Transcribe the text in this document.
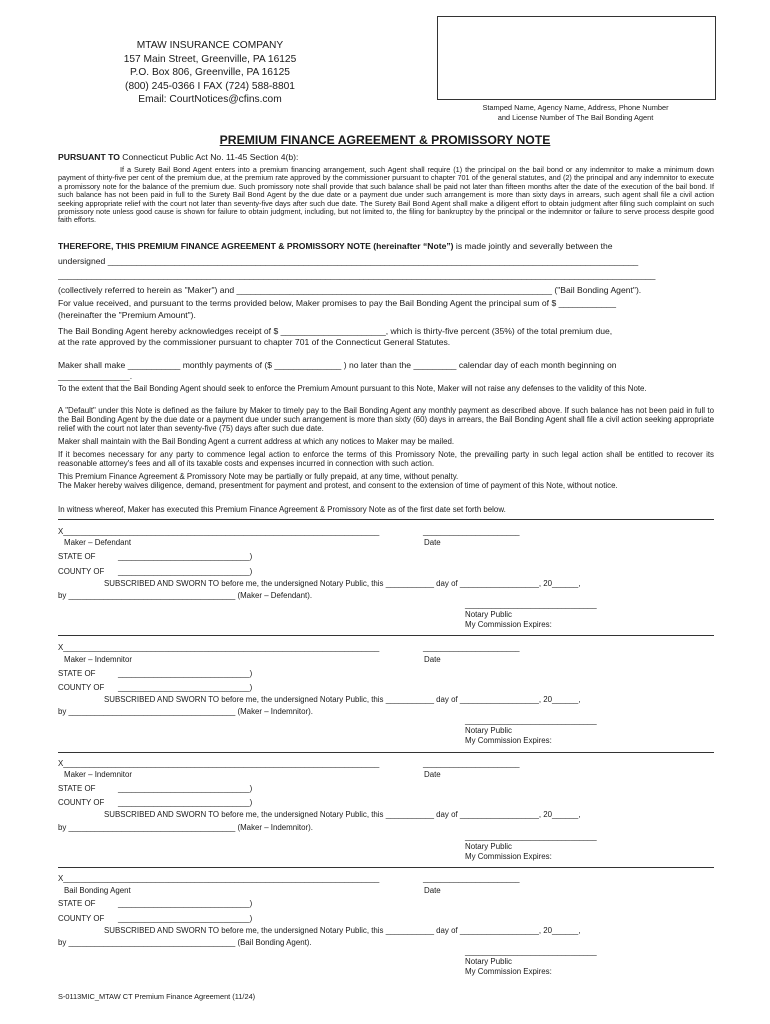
MTAW INSURANCE COMPANY
157 Main Street, Greenville, PA 16125
P.O. Box 806, Greenville, PA 16125
(800) 245-0366 I FAX (724) 588-8801
Email: CourtNotices@cfins.com
Stamped Name, Agency Name, Address, Phone Number
and License Number of The Bail Bonding Agent
PREMIUM FINANCE AGREEMENT & PROMISSORY NOTE
PURSUANT TO Connecticut Public Act No. 11-45 Section 4(b):
If a Surety Bail Bond Agent enters into a premium financing arrangement, such Agent shall require (1) the principal on the bail bond or any indemnitor to make a minimum down payment of thirty-five per cent of the premium due, at the premium rate approved by the commissioner pursuant to chapter 701 of the general statutes, and (2) the principal and any indemnitor to execute a promissory note for the balance of the premium due. Such promissory note shall provide that such balance shall be paid not later than fifteen months after the date of the execution of the bail bond. If such balance has not been paid in full to the Surety Bail Bond Agent by the due date or a payment due under such arrangement is more than sixty days in arrears, such agent shall file a civil action seeking appropriate relief with the court not later than seventy-five days after such due date. The Surety Bail Bond Agent shall make a diligent effort to obtain judgment after filing such complaint on such promissory note unless good cause is shown for failure to obtain judgment, including, but not limited to, the filing for bankruptcy by the principal or the indemnitor or failure to serve process despite good faith efforts.
THEREFORE, THIS PREMIUM FINANCE AGREEMENT & PROMISSORY NOTE (hereinafter “Note”) is made jointly and severally between the
undersigned _______________________________________________________________________________________________________________
_____________________________________________________________________________________________________________________________
(collectively referred to herein as "Maker") and __________________________________________________________________ ("Bail Bonding Agent").
For value received, and pursuant to the terms provided below, Maker promises to pay the Bail Bonding Agent the principal sum of $ ____________
(hereinafter the "Premium Amount").
The Bail Bonding Agent hereby acknowledges receipt of $ ______________________, which is thirty-five percent (35%) of the total premium due,
at the rate approved by the commissioner pursuant to chapter 701 of the Connecticut General Statutes.
Maker shall make ___________ monthly payments of ($ ______________ ) no later than the _________ calendar day of each month beginning on
_______________.
To the extent that the Bail Bonding Agent should seek to enforce the Premium Amount pursuant to this Note, Maker will not raise any defenses to the validity of this Note.
A "Default" under this Note is defined as the failure by Maker to timely pay to the Bail Bonding Agent any monthly payment as described above. If such balance has not been paid in full to the Bail Bonding Agent by the due date or a payment due under such arrangement is more than sixty (60) days in arrears, the Bail Bonding Agent shall file a civil action seeking appropriate relief with the court not later than seventy-five (75) days after such due date.
Maker shall maintain with the Bail Bonding Agent a current address at which any notices to Maker may be mailed.
If it becomes necessary for any party to commence legal action to enforce the terms of this Promissory Note, the prevailing party in such legal action shall be entitled to recover its reasonable attorney's fees and all of its taxable costs and expenses incurred in connection with such action.
This Premium Finance Agreement & Promissory Note may be partially or fully prepaid, at any time, without penalty.
The Maker hereby waives diligence, demand, presentment for payment and protest, and consent to the extension of time of payment of this Note, without notice.
In witness whereof, Maker has executed this Premium Finance Agreement & Promissory Note as of the first date set forth below.
X________________________________________________________________________	______________________
Maker – Defendant	Date
STATE OF	______________________________)
COUNTY OF ______________________________)
SUBSCRIBED AND SWORN TO before me, the undersigned Notary Public, this ___________ day of __________________, 20______,
by ______________________________________ (Maker – Defendant).
______________________________
Notary Public
My Commission Expires:
X________________________________________________________________________	______________________
Maker – Indemnitor	Date
STATE OF	______________________________)
COUNTY OF ______________________________)
SUBSCRIBED AND SWORN TO before me, the undersigned Notary Public, this ___________ day of __________________, 20______,
by ______________________________________ (Maker – Indemnitor).
______________________________
Notary Public
My Commission Expires:
X________________________________________________________________________	______________________
Maker – Indemnitor	Date
STATE OF	______________________________)
COUNTY OF ______________________________)
SUBSCRIBED AND SWORN TO before me, the undersigned Notary Public, this ___________ day of __________________, 20______,
by ______________________________________ (Maker – Indemnitor).
______________________________
Notary Public
My Commission Expires:
X________________________________________________________________________	______________________
Bail Bonding Agent	Date
STATE OF	______________________________)
COUNTY OF ______________________________)
SUBSCRIBED AND SWORN TO before me, the undersigned Notary Public, this ___________ day of __________________, 20______,
by ______________________________________ (Bail Bonding Agent).
______________________________
Notary Public
My Commission Expires:
S-0113MIC_MTAW CT Premium Finance Agreement (11/24)
